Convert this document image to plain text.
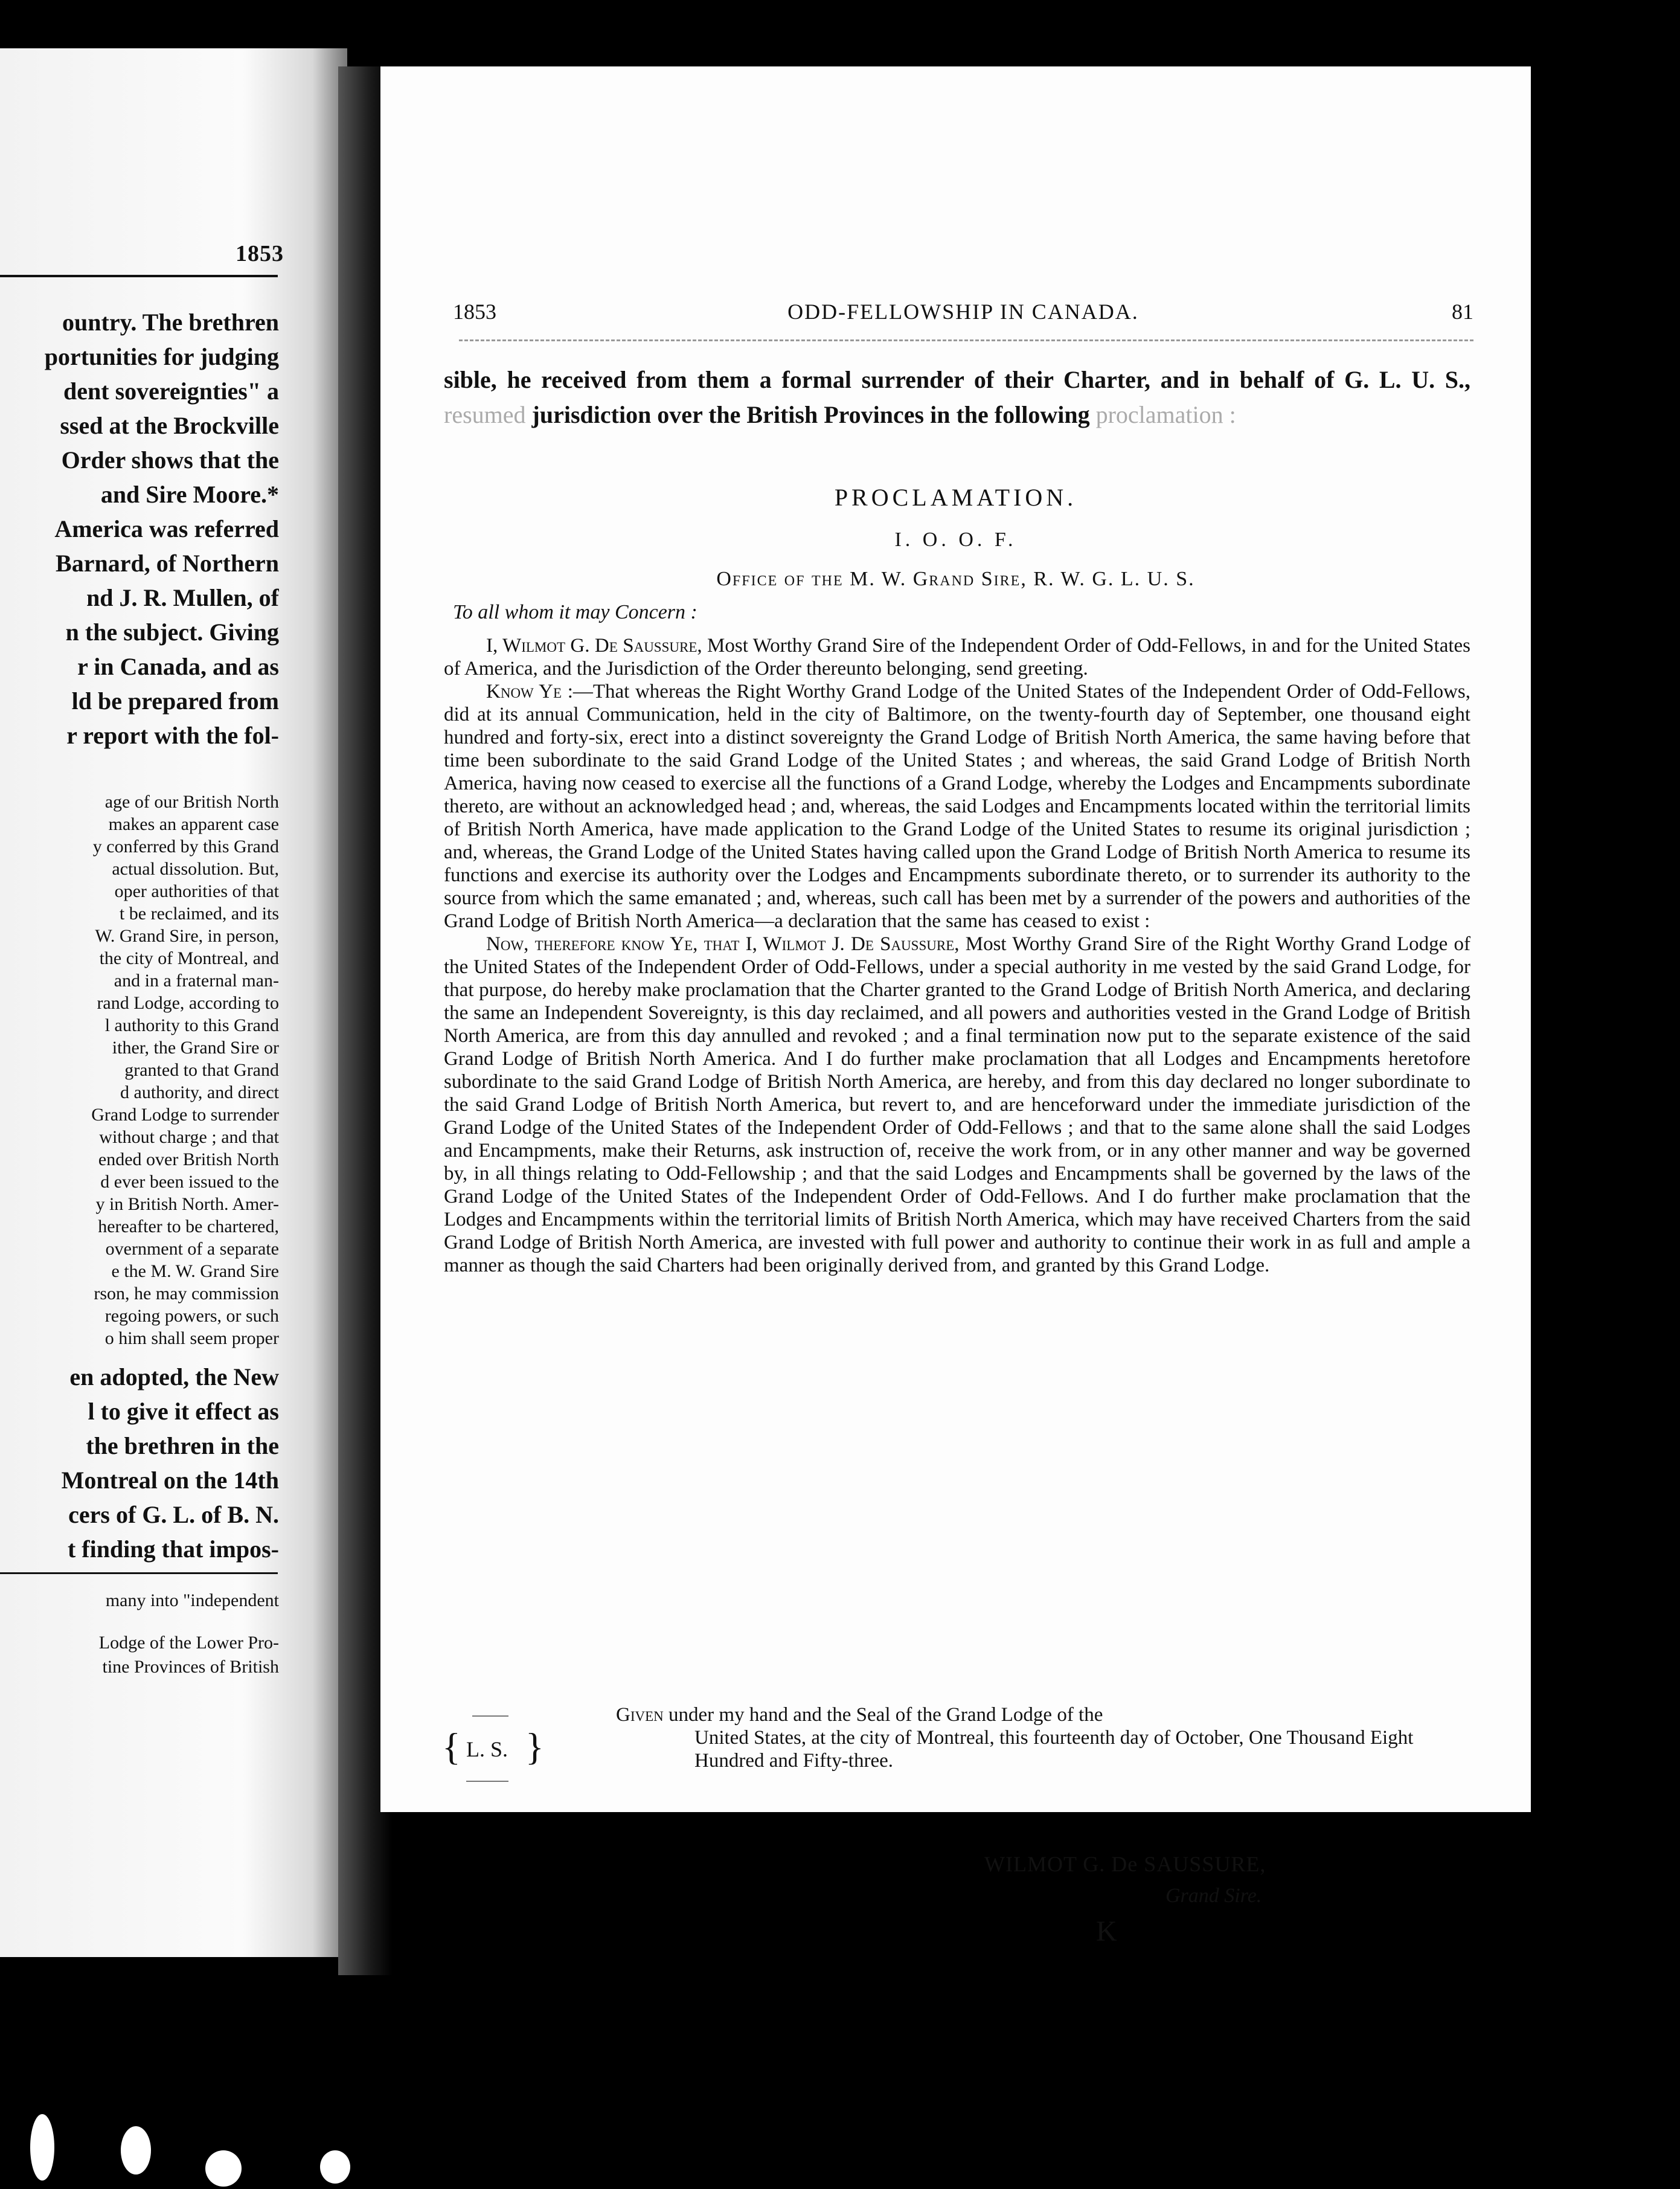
1853
ountry. The brethren
portunities for judging
dent sovereignties" a
ssed at the Brockville
Order shows that the
and Sire Moore.*
America was referred
Barnard, of Northern
nd J. R. Mullen, of
n the subject. Giving
r in Canada, and as
ld be prepared from
r report with the fol-
age of our British North
makes an apparent case
y conferred by this Grand
actual dissolution. But,
oper authorities of that
t be reclaimed, and its
W. Grand Sire, in person,
the city of Montreal, and
and in a fraternal man-
rand Lodge, according to
l authority to this Grand
ither, the Grand Sire or
granted to that Grand
d authority, and direct
Grand Lodge to surrender
without charge ; and that
ended over British North
d ever been issued to the
y in British North. Amer-
hereafter to be chartered,
overnment of a separate
e the M. W. Grand Sire
rson, he may commission
regoing powers, or such
o him shall seem proper
en adopted, the New
l to give it effect as
the brethren in the
Montreal on the 14th
cers of G. L. of B. N.
t finding that impos-
many into "independent
Lodge of the Lower Pro-
tine Provinces of British
1853	ODD-FELLOWSHIP IN CANADA.	81
sible, he received from them a formal surrender of their Charter, and in behalf of G. L. U. S., resumed jurisdiction over the British Provinces in the following proclamation :
PROCLAMATION.
I. O. O. F.
Office of the M. W. Grand Sire, R. W. G. L. U. S.
To all whom it may Concern :

I, Wilmot G. De Saussure, Most Worthy Grand Sire of the Independent Order of Odd-Fellows, in and for the United States of America, and the Jurisdiction of the Order thereunto belonging, send greeting.

Know Ye :—That whereas the Right Worthy Grand Lodge of the United States of the Independent Order of Odd-Fellows, did at its annual Communication, held in the city of Baltimore, on the twenty-fourth day of September, one thousand eight hundred and forty-six, erect into a distinct sovereignty the Grand Lodge of British North America, the same having before that time been subordinate to the said Grand Lodge of the United States ; and whereas, the said Grand Lodge of British North America, having now ceased to exercise all the functions of a Grand Lodge, whereby the Lodges and Encampments subordinate thereto, are without an acknowledged head ; and, whereas, the said Lodges and Encampments located within the territorial limits of British North America, have made application to the Grand Lodge of the United States to resume its original jurisdiction ; and, whereas, the Grand Lodge of the United States having called upon the Grand Lodge of British North America to resume its functions and exercise its authority over the Lodges and Encampments subordinate thereto, or to surrender its authority to the source from which the same emanated ; and, whereas, such call has been met by a surrender of the powers and authorities of the Grand Lodge of British North America—a declaration that the same has ceased to exist :

Now, therefore know Ye, that I, Wilmot J. De Saussure, Most Worthy Grand Sire of the Right Worthy Grand Lodge of the United States of the Independent Order of Odd-Fellows, under a special authority in me vested by the said Grand Lodge, for that purpose, do hereby make proclamation that the Charter granted to the Grand Lodge of British North America, and declaring the same an Independent Sovereignty, is this day reclaimed, and all powers and authorities vested in the Grand Lodge of British North America, are from this day annulled and revoked ; and a final termination now put to the separate existence of the said Grand Lodge of British North America. And I do further make proclamation that all Lodges and Encampments heretofore subordinate to the said Grand Lodge of British North America, are hereby, and from this day declared no longer subordinate to the said Grand Lodge of British North America, but revert to, and are henceforward under the immediate jurisdiction of the Grand Lodge of the United States of the Independent Order of Odd-Fellows ; and that to the same alone shall the said Lodges and Encampments, make their Returns, ask instruction of, receive the work from, or in any other manner and way be governed by, in all things relating to Odd-Fellowship ; and that the said Lodges and Encampments shall be governed by the laws of the Grand Lodge of the United States of the Independent Order of Odd-Fellows. And I do further make proclamation that the Lodges and Encampments within the territorial limits of British North America, which may have received Charters from the said Grand Lodge of British North America, are invested with full power and authority to continue their work in as full and ample a manner as though the said Charters had been originally derived from, and granted by this Grand Lodge.

{ L. S. }

Given under my hand and the Seal of the Grand Lodge of the

United States, at the city of Montreal, this fourteenth day of October, One Thousand Eight Hundred and Fifty-three.

WILMOT G. De SAUSSURE,
Grand Sire.
K
